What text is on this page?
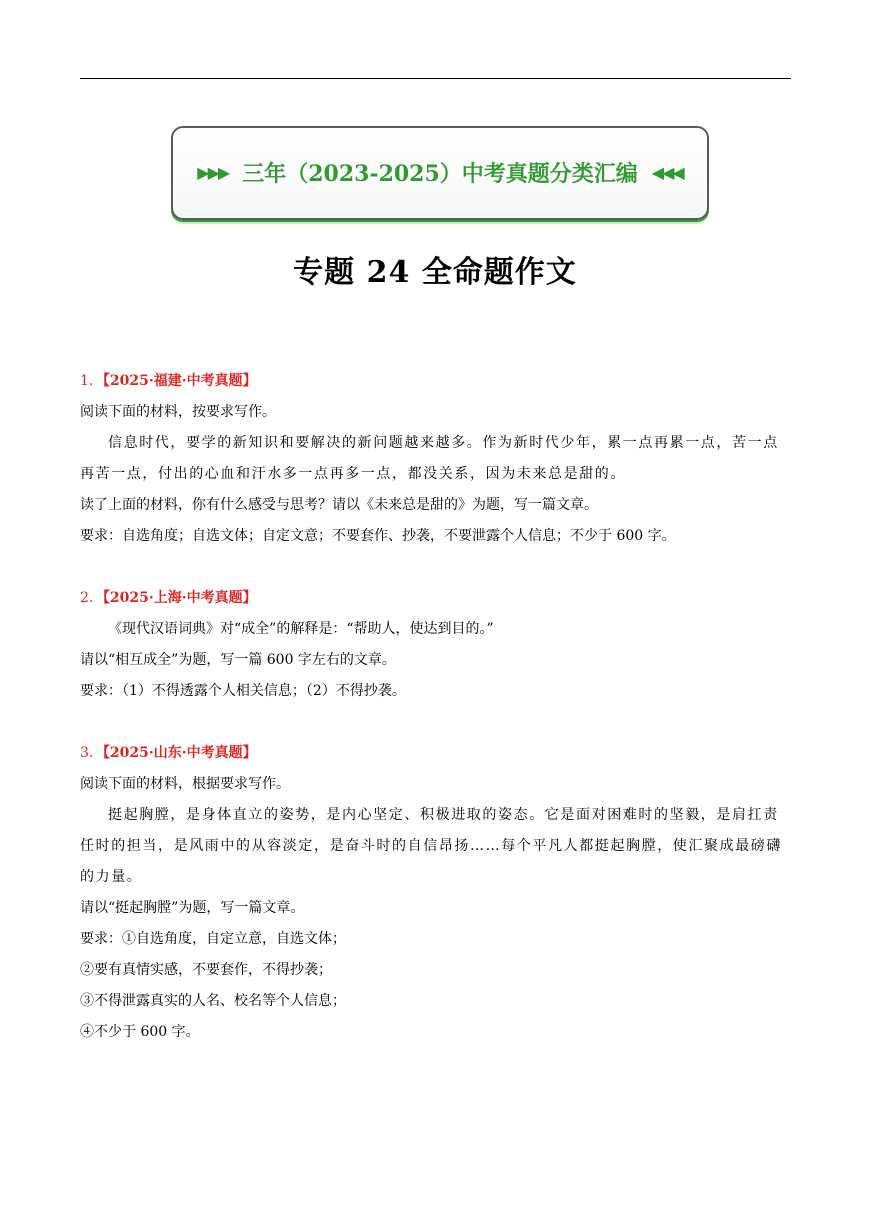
▶▶▶ 三年（2023-2025）中考真题分类汇编 ◀◀◀
专题 24 全命题作文

1．【2025·福建·中考真题】

阅读下面的材料，按要求写作。

信息时代，要学的新知识和要解决的新问题越来越多。作为新时代少年，累一点再累一点，苦一点再苦一点，付出的心血和汗水多一点再多一点，都没关系，因为未来总是甜的。

读了上面的材料，你有什么感受与思考？请以《未来总是甜的》为题，写一篇文章。

要求：自选角度；自选文体；自定文意；不要套作、抄袭，不要泄露个人信息；不少于 600 字。

2．【2025·上海·中考真题】

《现代汉语词典》对“成全”的解释是：“帮助人，使达到目的。”

请以“相互成全”为题，写一篇 600 字左右的文章。

要求：（1）不得透露个人相关信息；（2）不得抄袭。

3．【2025·山东·中考真题】

阅读下面的材料，根据要求写作。

挺起胸膛，是身体直立的姿势，是内心坚定、积极进取的姿态。它是面对困难时的坚毅，是肩扛责任时的担当，是风雨中的从容淡定，是奋斗时的自信昂扬……每个平凡人都挺起胸膛，使汇聚成最磅礴的力量。

请以“挺起胸膛”为题，写一篇文章。

要求：①自选角度，自定立意，自选文体；

②要有真情实感，不要套作，不得抄袭；

③不得泄露真实的人名、校名等个人信息；

④不少于 600 字。
